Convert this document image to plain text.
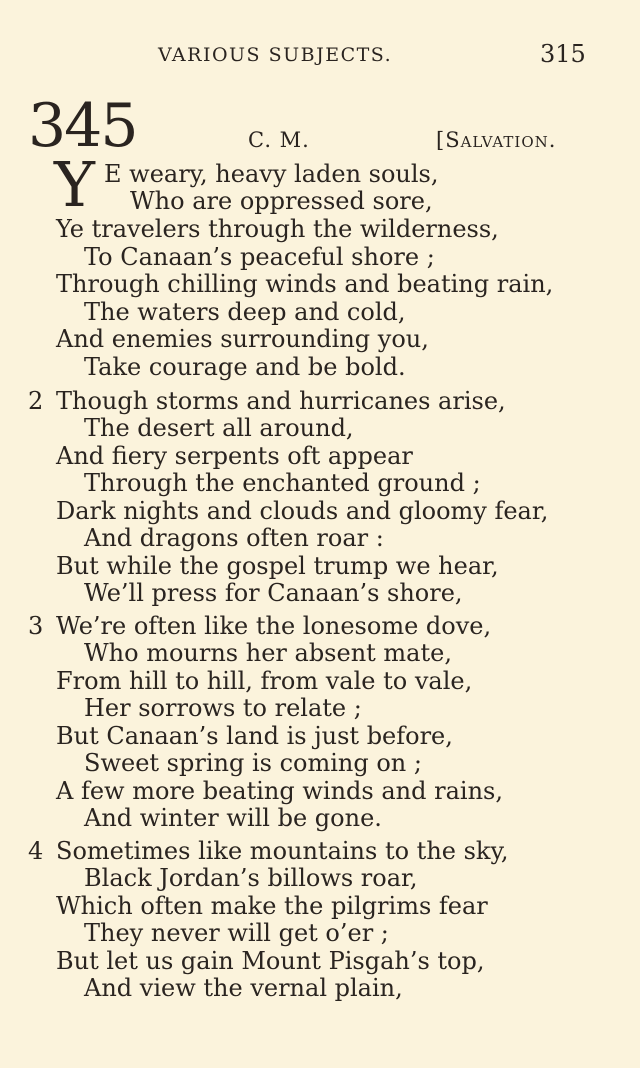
VARIOUS SUBJECTS.	315
345	C. M.	[Salvation.
Y E weary, heavy laden souls,
Who are oppressed sore,
Ye travelers through the wilderness,
To Canaan’s peaceful shore ;
Through chilling winds and beating rain,
The waters deep and cold,
And enemies surrounding you,
Take courage and be bold.
2 Though storms and hurricanes arise,
The desert all around,
And fiery serpents oft appear
Through the enchanted ground ;
Dark nights and clouds and gloomy fear,
And dragons often roar :
But while the gospel trump we hear,
We’ll press for Canaan’s shore,
3 We’re often like the lonesome dove,
Who mourns her absent mate,
From hill to hill, from vale to vale,
Her sorrows to relate ;
But Canaan’s land is just before,
Sweet spring is coming on ;
A few more beating winds and rains,
And winter will be gone.
4 Sometimes like mountains to the sky,
Black Jordan’s billows roar,
Which often make the pilgrims fear
They never will get o’er ;
But let us gain Mount Pisgah’s top,
And view the vernal plain,
